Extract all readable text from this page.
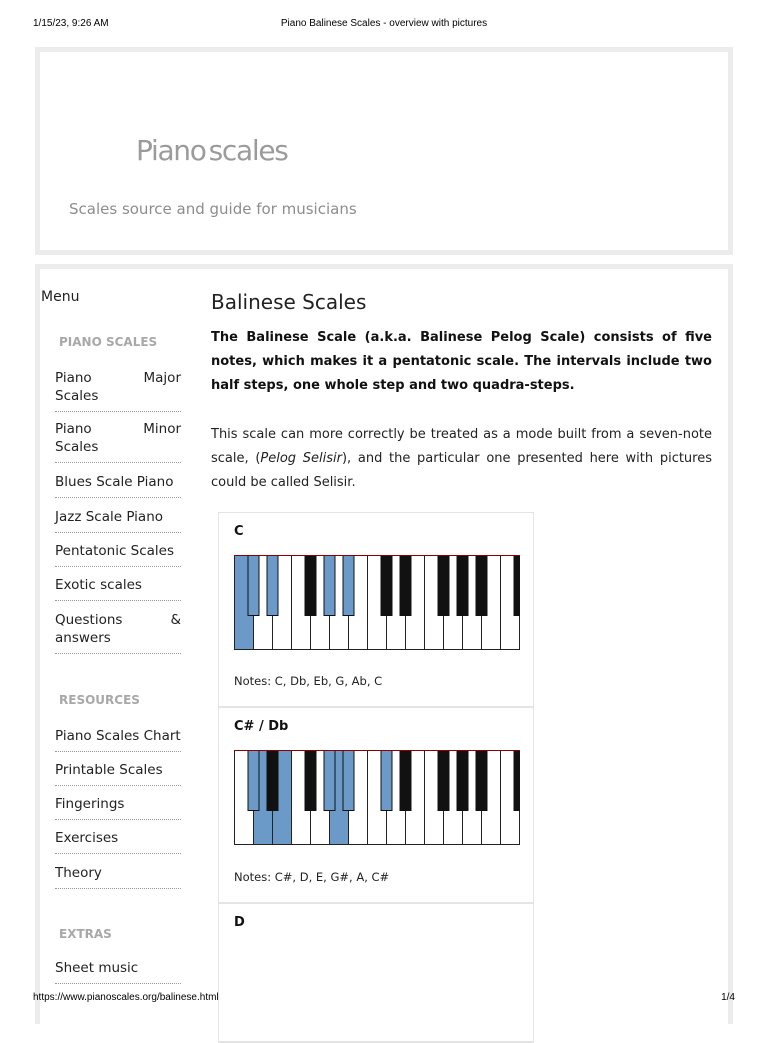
1/15/23, 9:26 AM	Piano Balinese Scales - overview with pictures
Piano scales
Scales source and guide for musicians
Menu
PIANO SCALES
Piano	Major
Scales
Piano	Minor
Scales
Blues Scale Piano
Jazz Scale Piano
Pentatonic Scales
Exotic scales
Questions	&
answers
RESOURCES
Piano Scales Chart
Printable Scales
Fingerings
Exercises
Theory
EXTRAS
Sheet music
Balinese Scales

The Balinese Scale (a.k.a. Balinese Pelog Scale) consists of five notes, which makes it a pentatonic scale. The intervals include two half steps, one whole step and two quadra-steps.

This scale can more correctly be treated as a mode built from a seven-note scale, (Pelog Selisir), and the particular one presented here with pictures could be called Selisir.

C
Notes: C, Db, Eb, G, Ab, C
C# / Db
Notes: C#, D, E, G#, A, C#
D
https://www.pianoscales.org/balinese.html	1/4
